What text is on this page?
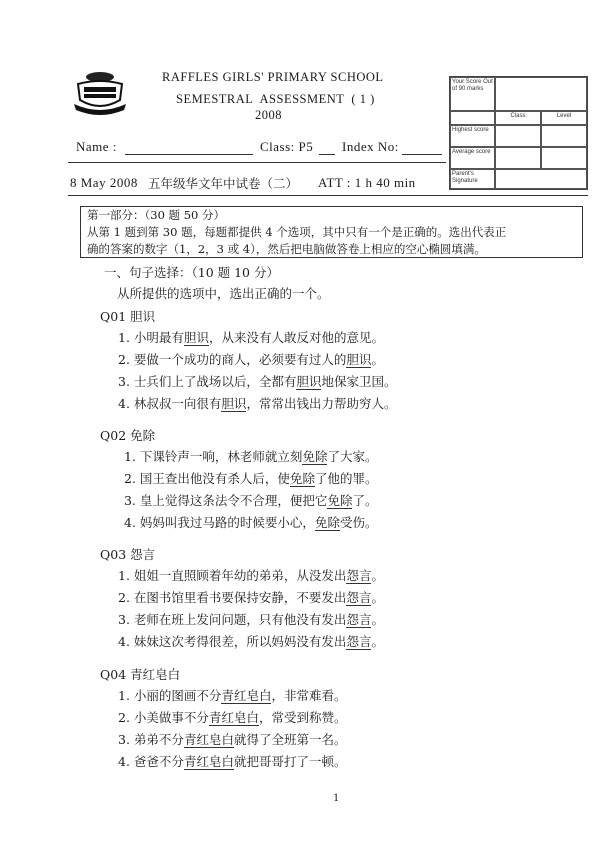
RAFFLES GIRLS' PRIMARY SCHOOL
SEMESTRAL  ASSESSMENT  ( 1 )
2008
Your Score Out of 90 marks
Class	Level
Highest score
Average score
Parent's Signature
Name :	Class: P5 Index No:
8 May 2008 五年级华文年中试卷（二） ATT : 1 h 40 min

第一部分：（30 题 50 分）

从第 1 题到第 30 题，每题都提供 4 个选项，其中只有一个是正确的。选出代表正

确的答案的数字（1，2，3 或 4），然后把电脑做答卷上相应的空心椭圆填满。

一、句子选择：（10 题 10 分）
从所提供的选项中，选出正确的一个。
Q01 胆识
1. 小明最有胆识，从来没有人敢反对他的意见。
2. 要做一个成功的商人，必须要有过人的胆识。
3. 士兵们上了战场以后，全都有胆识地保家卫国。
4. 林叔叔一向很有胆识，常常出钱出力帮助穷人。
Q02 免除
1. 下课铃声一响，林老师就立刻免除了大家。
2. 国王查出他没有杀人后，使免除了他的罪。
3. 皇上觉得这条法令不合理，便把它免除了。
4. 妈妈叫我过马路的时候要小心，免除受伤。
Q03 怨言
1. 姐姐一直照顾着年幼的弟弟，从没发出怨言。
2. 在图书馆里看书要保持安静，不要发出怨言。
3. 老师在班上发问问题，只有他没有发出怨言。
4. 妹妹这次考得很差，所以妈妈没有发出怨言。
Q04 青红皂白
1. 小丽的图画不分青红皂白，非常难看。
2. 小美做事不分青红皂白，常受到称赞。
3. 弟弟不分青红皂白就得了全班第一名。
4. 爸爸不分青红皂白就把哥哥打了一顿。
1
